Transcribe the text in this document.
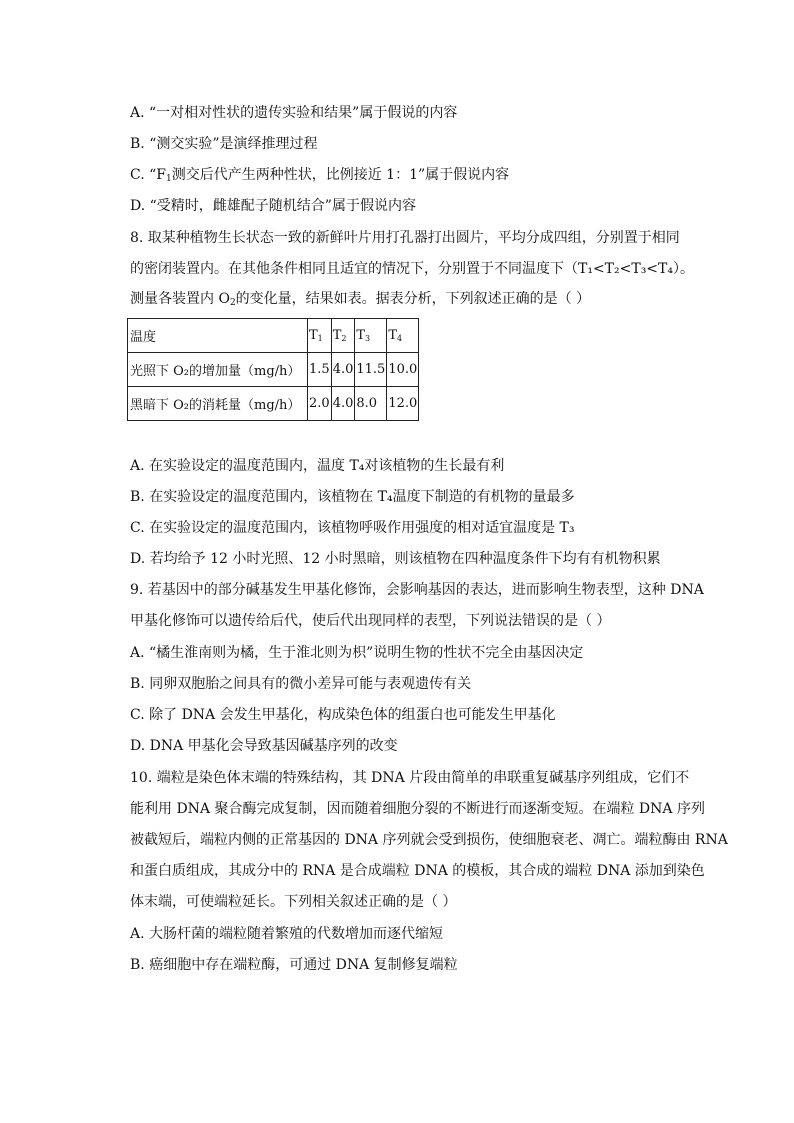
A. “一对相对性状的遗传实验和结果”属于假说的内容
B. “测交实验”是演绎推理过程
C. “$F_1$测交后代产生两种性状，比例接近 1：1”属于假说内容
D. “受精时，雌雄配子随机结合”属于假说内容
8. 取某种植物生长状态一致的新鲜叶片用打孔器打出圆片，平均分成四组，分别置于相同
的密闭装置内。在其他条件相同且适宜的情况下，分别置于不同温度下（T₁<T₂<T₃<T₄）。
测量各装置内 $O_2$的变化量，结果如表。据表分析，下列叙述正确的是（ ）
温度	$T_1$	$T_2$	$T_3$	$T_4$
光照下 O₂的增加量（mg/h）	1.5	4.0	11.5	10.0
黑暗下 O₂的消耗量（mg/h）	2.0	4.0	8.0	12.0
A. 在实验设定的温度范围内，温度 T₄对该植物的生长最有利
B. 在实验设定的温度范围内，该植物在 T₄温度下制造的有机物的量最多
C. 在实验设定的温度范围内，该植物呼吸作用强度的相对适宜温度是 T₃
D. 若均给予 12 小时光照、12 小时黑暗，则该植物在四种温度条件下均有有机物积累
9. 若基因中的部分碱基发生甲基化修饰，会影响基因的表达，进而影响生物表型，这种 DNA
甲基化修饰可以遗传给后代，使后代出现同样的表型，下列说法错误的是（ ）
A. “橘生淮南则为橘，生于淮北则为枳”说明生物的性状不完全由基因决定
B. 同卵双胞胎之间具有的微小差异可能与表观遗传有关
C. 除了 DNA 会发生甲基化，构成染色体的组蛋白也可能发生甲基化
D. DNA 甲基化会导致基因碱基序列的改变
10. 端粒是染色体末端的特殊结构，其 DNA 片段由简单的串联重复碱基序列组成，它们不
能利用 DNA 聚合酶完成复制，因而随着细胞分裂的不断进行而逐渐变短。在端粒 DNA 序列
被截短后，端粒内侧的正常基因的 DNA 序列就会受到损伤，使细胞衰老、凋亡。端粒酶由 RNA
和蛋白质组成，其成分中的 RNA 是合成端粒 DNA 的模板，其合成的端粒 DNA 添加到染色
体末端，可使端粒延长。下列相关叙述正确的是（ ）
A. 大肠杆菌的端粒随着繁殖的代数增加而逐代缩短
B. 癌细胞中存在端粒酶，可通过 DNA 复制修复端粒
